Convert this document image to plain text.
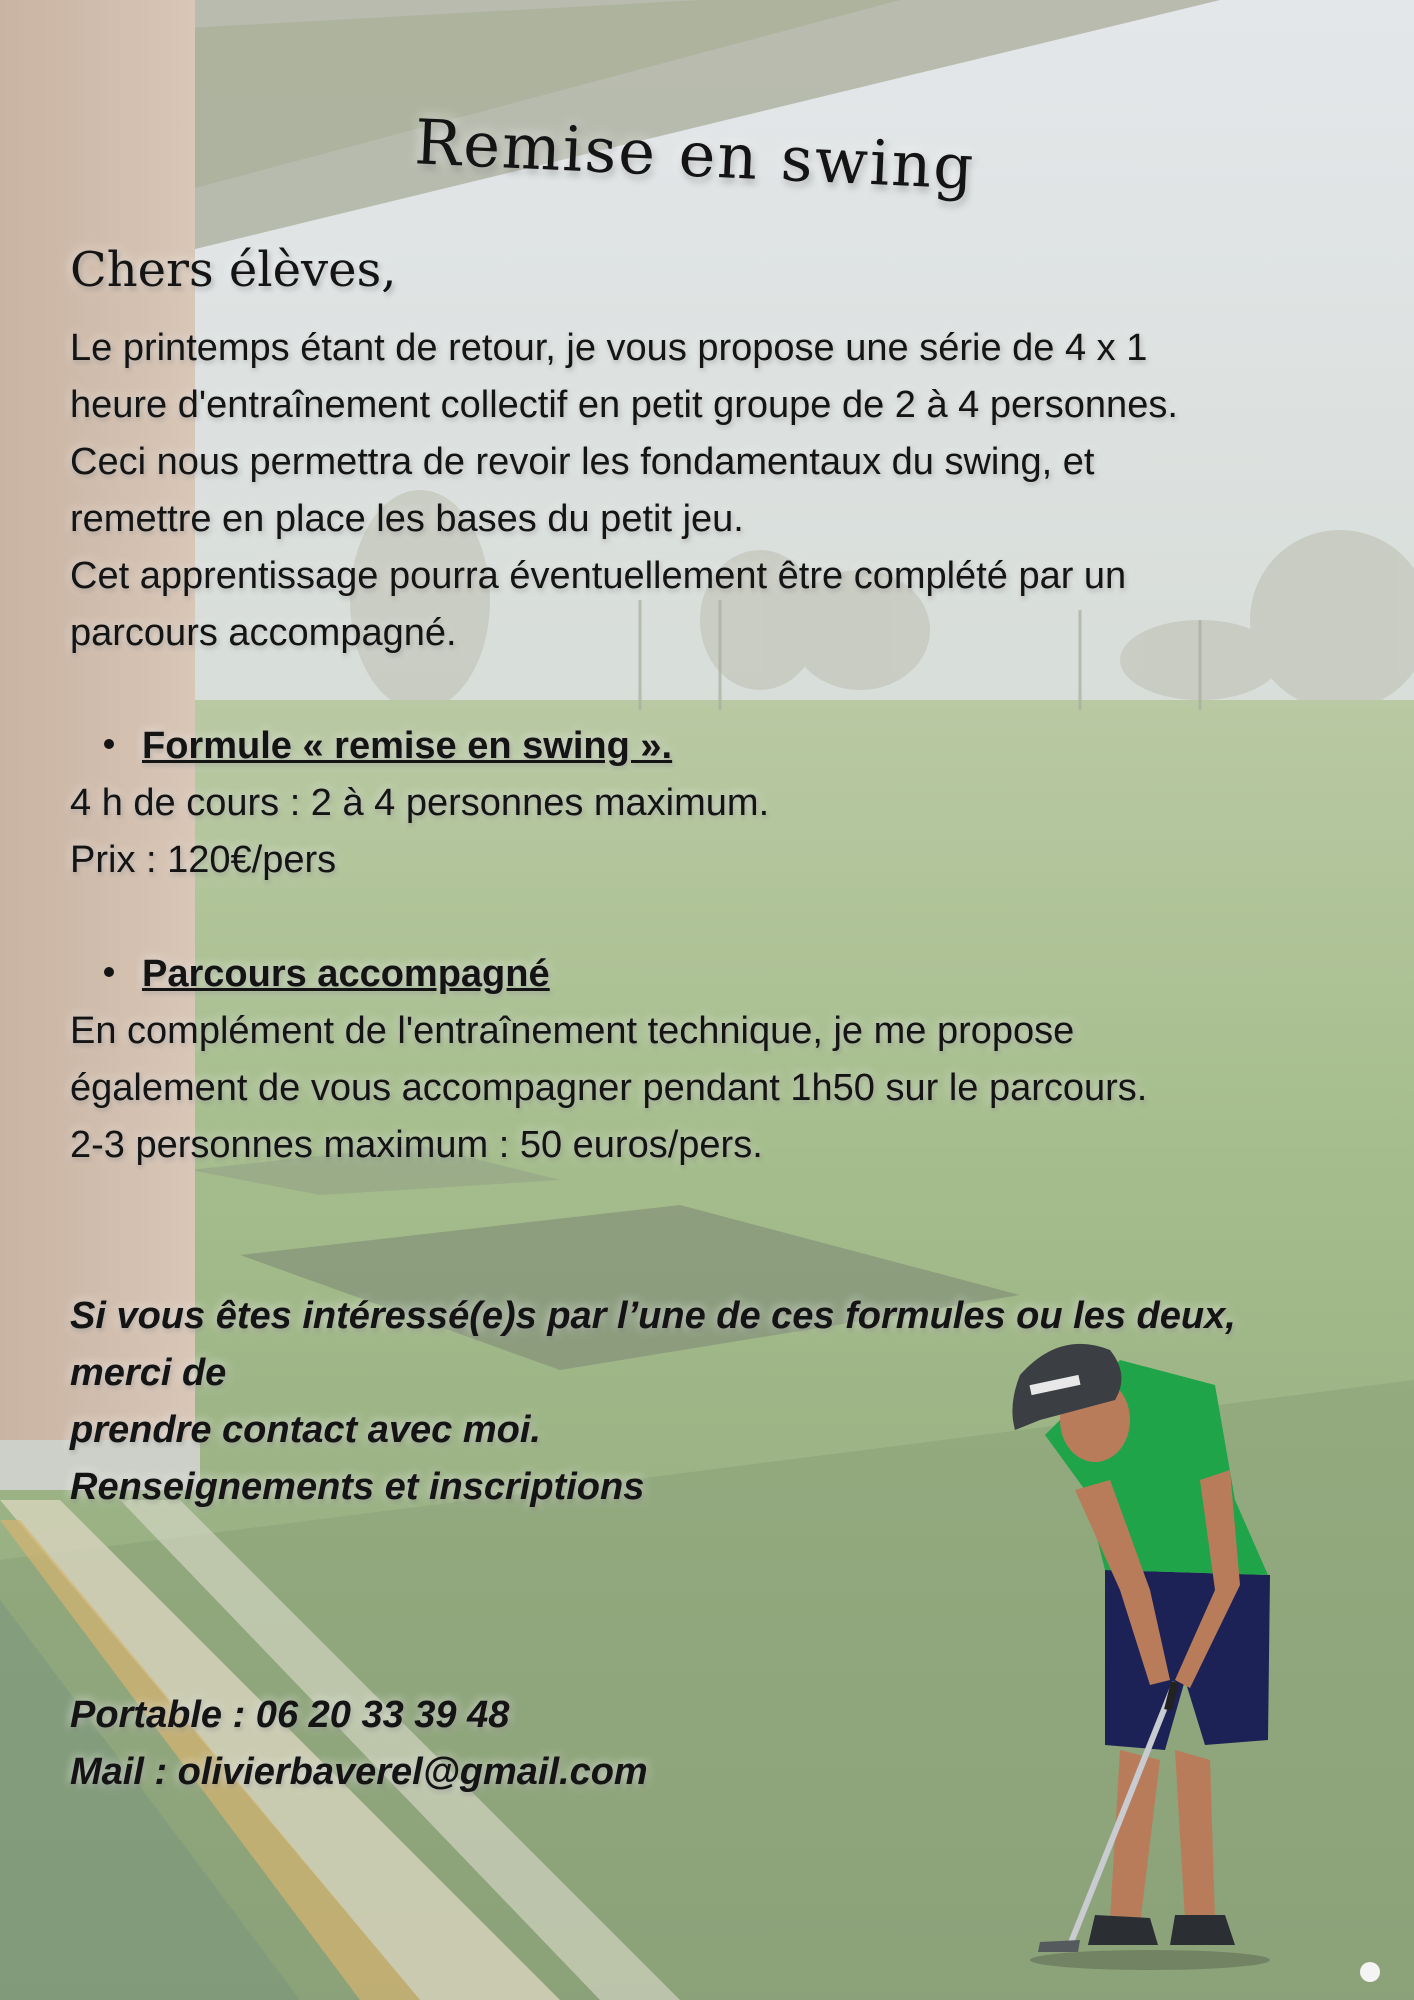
Remise en swing
Chers élèves,
Le printemps étant de retour, je vous propose une série de 4 x 1
heure d'entraînement collectif en petit groupe de 2 à 4 personnes.
Ceci nous permettra de revoir les fondamentaux du swing, et
remettre en place les bases du petit jeu.
Cet apprentissage pourra éventuellement être complété par un
parcours accompagné.
Formule « remise en swing ».
4 h de cours : 2 à 4 personnes maximum.
Prix : 120€/pers
Parcours accompagné
En complément de l'entraînement technique, je me propose
également de vous accompagner pendant 1h50 sur le parcours.
2-3 personnes maximum : 50 euros/pers.
Si vous êtes intéressé(e)s par l’une de ces formules ou les deux, merci de
prendre contact avec moi.
Renseignements et inscriptions
Portable : 06 20 33 39 48
Mail : olivierbaverel@gmail.com
